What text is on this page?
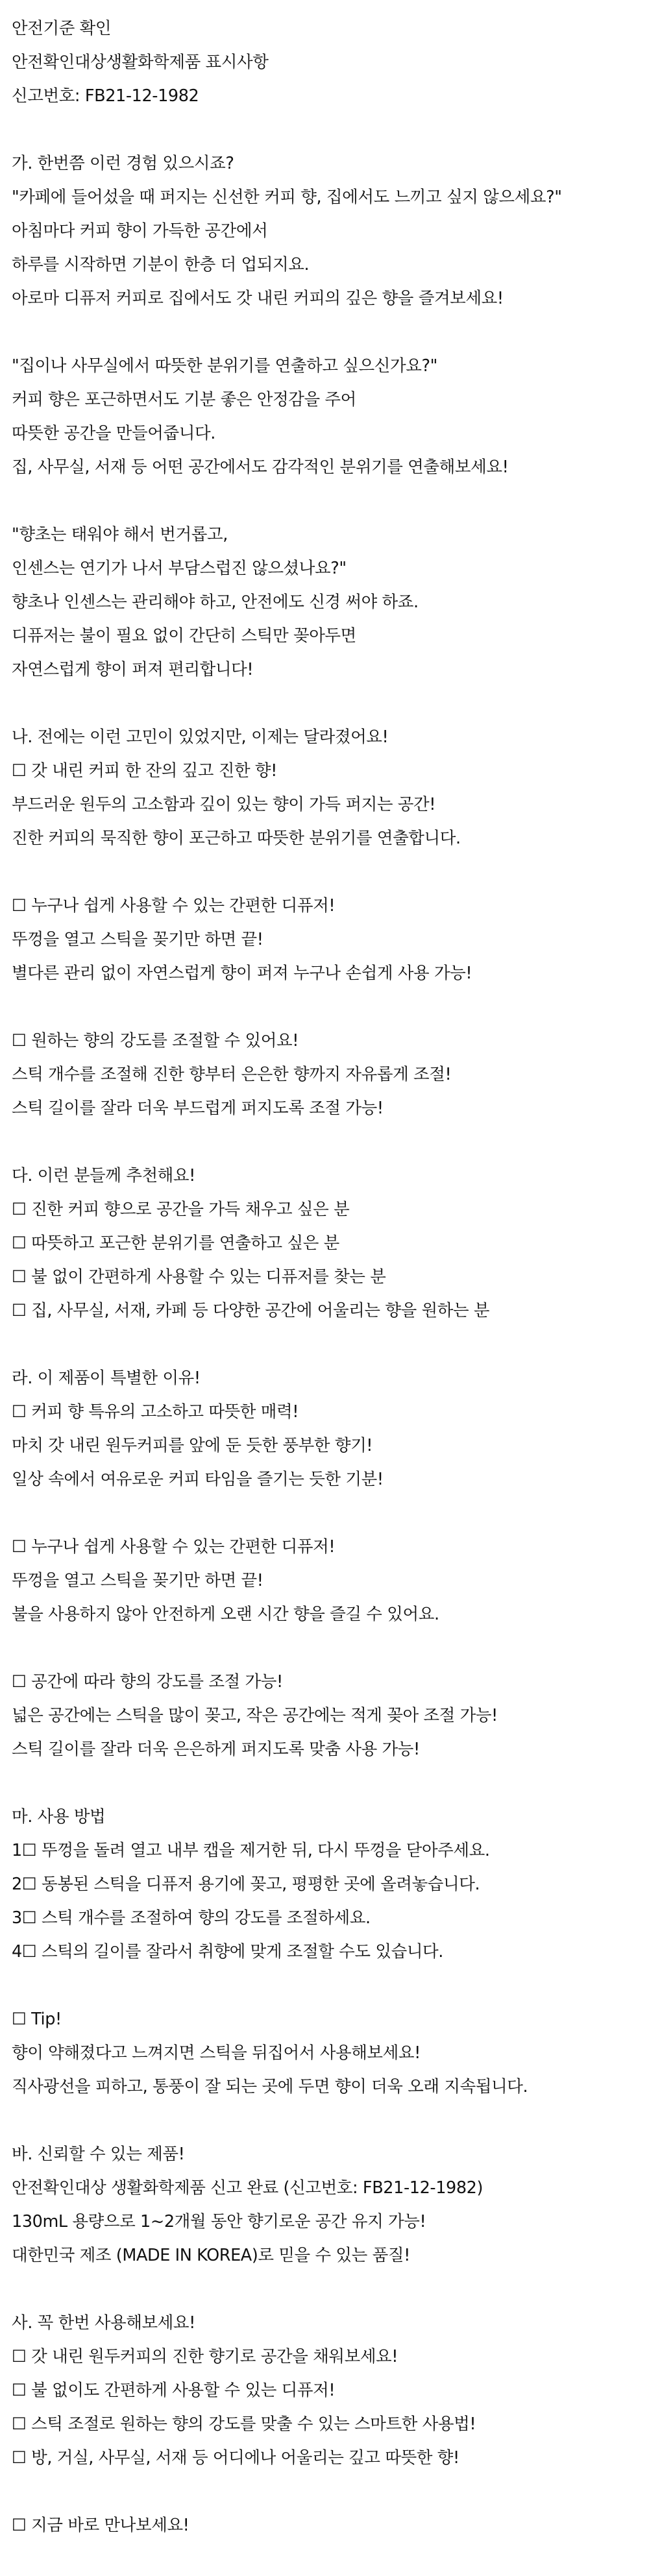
안전기준 확인
안전확인대상생활화학제품 표시사항
신고번호: FB21-12-1982
가. 한번쯤 이런 경험 있으시죠?
"카페에 들어섰을 때 퍼지는 신선한 커피 향, 집에서도 느끼고 싶지 않으세요?"
아침마다 커피 향이 가득한 공간에서
하루를 시작하면 기분이 한층 더 업되지요.
아로마 디퓨저 커피로 집에서도 갓 내린 커피의 깊은 향을 즐겨보세요!
"집이나 사무실에서 따뜻한 분위기를 연출하고 싶으신가요?"
커피 향은 포근하면서도 기분 좋은 안정감을 주어
따뜻한 공간을 만들어줍니다.
집, 사무실, 서재 등 어떤 공간에서도 감각적인 분위기를 연출해보세요!
"향초는 태워야 해서 번거롭고,
인센스는 연기가 나서 부담스럽진 않으셨나요?"
향초나 인센스는 관리해야 하고, 안전에도 신경 써야 하죠.
디퓨저는 불이 필요 없이 간단히 스틱만 꽂아두면
자연스럽게 향이 퍼져 편리합니다!
나. 전에는 이런 고민이 있었지만, 이제는 달라졌어요!
☐ 갓 내린 커피 한 잔의 깊고 진한 향!
부드러운 원두의 고소함과 깊이 있는 향이 가득 퍼지는 공간!
진한 커피의 묵직한 향이 포근하고 따뜻한 분위기를 연출합니다.
☐ 누구나 쉽게 사용할 수 있는 간편한 디퓨저!
뚜껑을 열고 스틱을 꽂기만 하면 끝!
별다른 관리 없이 자연스럽게 향이 퍼져 누구나 손쉽게 사용 가능!
☐ 원하는 향의 강도를 조절할 수 있어요!
스틱 개수를 조절해 진한 향부터 은은한 향까지 자유롭게 조절!
스틱 길이를 잘라 더욱 부드럽게 퍼지도록 조절 가능!
다. 이런 분들께 추천해요!
☐ 진한 커피 향으로 공간을 가득 채우고 싶은 분
☐ 따뜻하고 포근한 분위기를 연출하고 싶은 분
☐ 불 없이 간편하게 사용할 수 있는 디퓨저를 찾는 분
☐ 집, 사무실, 서재, 카페 등 다양한 공간에 어울리는 향을 원하는 분
라. 이 제품이 특별한 이유!
☐ 커피 향 특유의 고소하고 따뜻한 매력!
마치 갓 내린 원두커피를 앞에 둔 듯한 풍부한 향기!
일상 속에서 여유로운 커피 타임을 즐기는 듯한 기분!
☐ 누구나 쉽게 사용할 수 있는 간편한 디퓨저!
뚜껑을 열고 스틱을 꽂기만 하면 끝!
불을 사용하지 않아 안전하게 오랜 시간 향을 즐길 수 있어요.
☐ 공간에 따라 향의 강도를 조절 가능!
넓은 공간에는 스틱을 많이 꽂고, 작은 공간에는 적게 꽂아 조절 가능!
스틱 길이를 잘라 더욱 은은하게 퍼지도록 맞춤 사용 가능!
마. 사용 방법
1☐ 뚜껑을 돌려 열고 내부 캡을 제거한 뒤, 다시 뚜껑을 닫아주세요.
2☐ 동봉된 스틱을 디퓨저 용기에 꽂고, 평평한 곳에 올려놓습니다.
3☐ 스틱 개수를 조절하여 향의 강도를 조절하세요.
4☐ 스틱의 길이를 잘라서 취향에 맞게 조절할 수도 있습니다.
☐ Tip!
향이 약해졌다고 느껴지면 스틱을 뒤집어서 사용해보세요!
직사광선을 피하고, 통풍이 잘 되는 곳에 두면 향이 더욱 오래 지속됩니다.
바. 신뢰할 수 있는 제품!
안전확인대상 생활화학제품 신고 완료 (신고번호: FB21-12-1982)
130mL 용량으로 1~2개월 동안 향기로운 공간 유지 가능!
대한민국 제조 (MADE IN KOREA)로 믿을 수 있는 품질!
사. 꼭 한번 사용해보세요!
☐ 갓 내린 원두커피의 진한 향기로 공간을 채워보세요!
☐ 불 없이도 간편하게 사용할 수 있는 디퓨저!
☐ 스틱 조절로 원하는 향의 강도를 맞출 수 있는 스마트한 사용법!
☐ 방, 거실, 사무실, 서재 등 어디에나 어울리는 깊고 따뜻한 향!
☐ 지금 바로 만나보세요!
